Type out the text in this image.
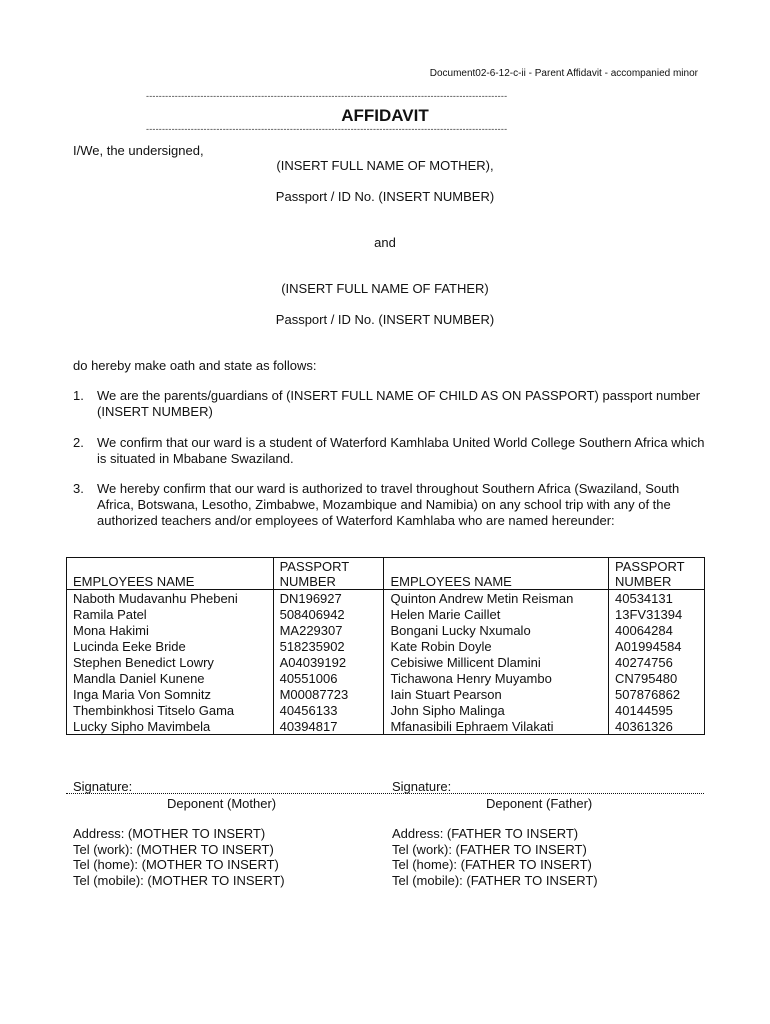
Document02-6-12-c-ii - Parent Affidavit - accompanied minor
-----------------------------------------------------------------------------------------------------------------
AFFIDAVIT
-----------------------------------------------------------------------------------------------------------------
I/We, the undersigned,
(INSERT FULL NAME OF MOTHER),
Passport / ID No. (INSERT NUMBER)
and
(INSERT FULL NAME OF FATHER)
Passport / ID No. (INSERT NUMBER)
do hereby make oath and state as follows:
1. We are the parents/guardians of (INSERT FULL NAME OF CHILD AS ON PASSPORT) passport number (INSERT NUMBER)
2. We confirm that our ward is a student of Waterford Kamhlaba United World College Southern Africa which is situated in Mbabane Swaziland.
3. We hereby confirm that our ward is authorized to travel throughout Southern Africa (Swaziland, South Africa, Botswana, Lesotho, Zimbabwe, Mozambique and Namibia) on any school trip with any of the authorized teachers and/or employees of Waterford Kamhlaba who are named hereunder:
EMPLOYEES NAME	PASSPORT NUMBER	EMPLOYEES NAME	PASSPORT NUMBER
Naboth Mudavanhu Phebeni	DN196927	Quinton Andrew Metin Reisman	40534131
Ramila Patel	508406942	Helen Marie Caillet	13FV31394
Mona Hakimi	MA229307	Bongani Lucky Nxumalo	40064284
Lucinda Eeke Bride	518235902	Kate Robin Doyle	A01994584
Stephen Benedict Lowry	A04039192	Cebisiwe Millicent Dlamini	40274756
Mandla Daniel Kunene	40551006	Tichawona Henry Muyambo	CN795480
Inga Maria Von Somnitz	M00087723	Iain Stuart Pearson	507876862
Thembinkhosi Titselo Gama	40456133	John Sipho Malinga	40144595
Lucky Sipho Mavimbela	40394817	Mfanasibili Ephraem Vilakati	40361326
Signature:	Signature:
Deponent (Mother)	Deponent (Father)
Address: (MOTHER TO INSERT)
Tel (work): (MOTHER TO INSERT)
Tel (home): (MOTHER TO INSERT)
Tel (mobile): (MOTHER TO INSERT)
Address: (FATHER TO INSERT)
Tel (work): (FATHER TO INSERT)
Tel (home): (FATHER TO INSERT)
Tel (mobile): (FATHER TO INSERT)
